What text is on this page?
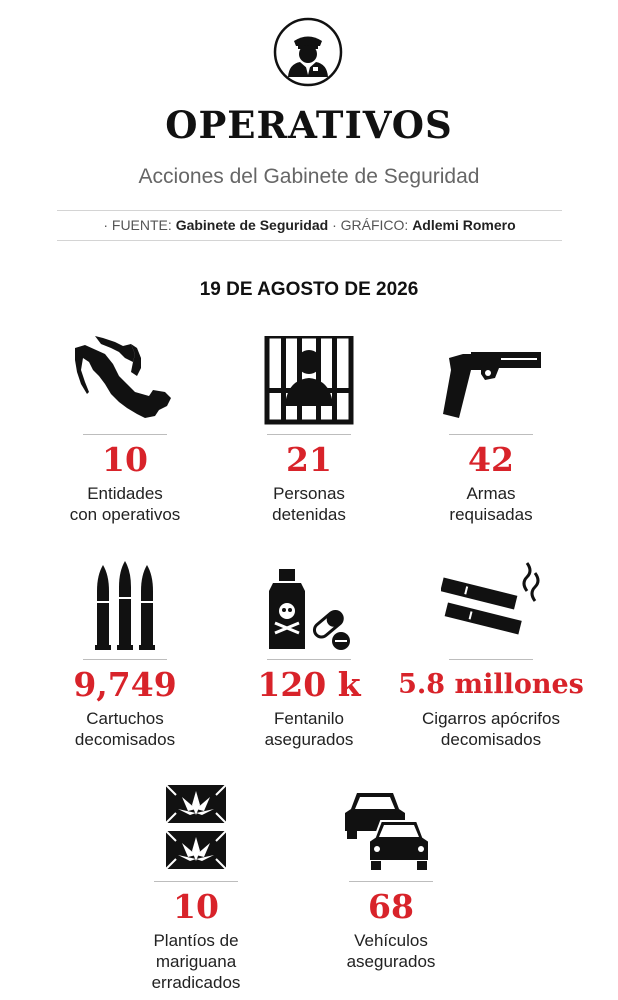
OPERATIVOS
Acciones del Gabinete de Seguridad
· FUENTE: Gabinete de Seguridad · GRÁFICO: Adlemi Romero
19 DE AGOSTO DE 2026
10
Entidades
con operativos
21
Personas
detenidas
42
Armas
requisadas
9,749
Cartuchos
decomisados
120 k
Fentanilo
asegurados
5.8 millones
Cigarros apócrifos
decomisados
10
Plantíos de
mariguana
erradicados
68
Vehículos
asegurados
